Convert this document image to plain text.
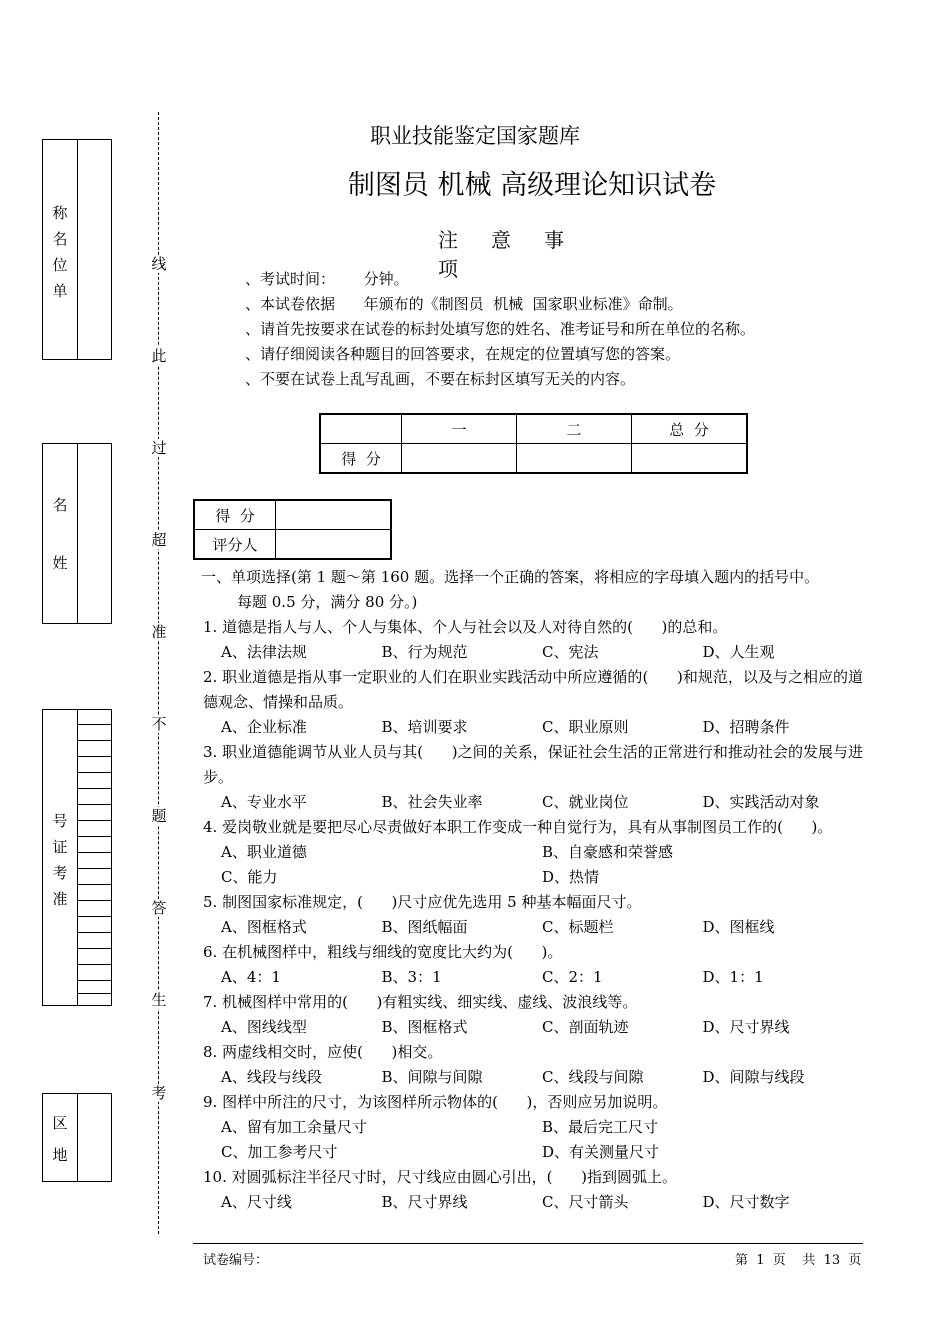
称
名
位
单
名
姓
号
证
考
准
区
地
线
此
过
超
准
不
题
答
生
考
职业技能鉴定国家题库
制图员 机械 高级理论知识试卷
注意事项
、考试时间：      分钟。
、本试卷依据      年颁布的《制图员  机械  国家职业标准》命制。
、请首先按要求在试卷的标封处填写您的姓名、准考证号和所在单位的名称。
、请仔细阅读各种题目的回答要求，在规定的位置填写您的答案。
、不要在试卷上乱写乱画，不要在标封区填写无关的内容。
	一	二	总  分
得  分			
得  分	
评分人	

一、单项选择(第 1 题～第 160 题。选择一个正确的答案，将相应的字母填入题内的括号中。

每题 0.5 分，满分 80 分。)

1. 道德是指人与人、个人与集体、个人与社会以及人对待自然的(      )的总和。

A、法律法规	B、行为规范	C、宪法	D、人生观

2. 职业道德是指从事一定职业的人们在职业实践活动中所应遵循的(      )和规范，以及与之相应的道德观念、情操和品质。

A、企业标准	B、培训要求	C、职业原则	D、招聘条件

3. 职业道德能调节从业人员与其(      )之间的关系，保证社会生活的正常进行和推动社会的发展与进步。

A、专业水平	B、社会失业率	C、就业岗位	D、实践活动对象

4. 爱岗敬业就是要把尽心尽责做好本职工作变成一种自觉行为，具有从事制图员工作的(      )。

A、职业道德	B、自豪感和荣誉感
C、能力	D、热情

5. 制图国家标准规定，(      )尺寸应优先选用 5 种基本幅面尺寸。

A、图框格式	B、图纸幅面	C、标题栏	D、图框线

6. 在机械图样中，粗线与细线的宽度比大约为(      )。

A、4：1	B、3：1	C、2：1	D、1：1

7. 机械图样中常用的(      )有粗实线、细实线、虚线、波浪线等。

A、图线线型	B、图框格式	C、剖面轨迹	D、尺寸界线

8. 两虚线相交时，应使(      )相交。

A、线段与线段	B、间隙与间隙	C、线段与间隙	D、间隙与线段

9. 图样中所注的尺寸，为该图样所示物体的(      )，否则应另加说明。

A、留有加工余量尺寸	B、最后完工尺寸
C、加工参考尺寸	D、有关测量尺寸

10. 对圆弧标注半径尺寸时，尺寸线应由圆心引出，(      )指到圆弧上。

A、尺寸线	B、尺寸界线	C、尺寸箭头	D、尺寸数字
试卷编号：	第  1  页    共  13  页
